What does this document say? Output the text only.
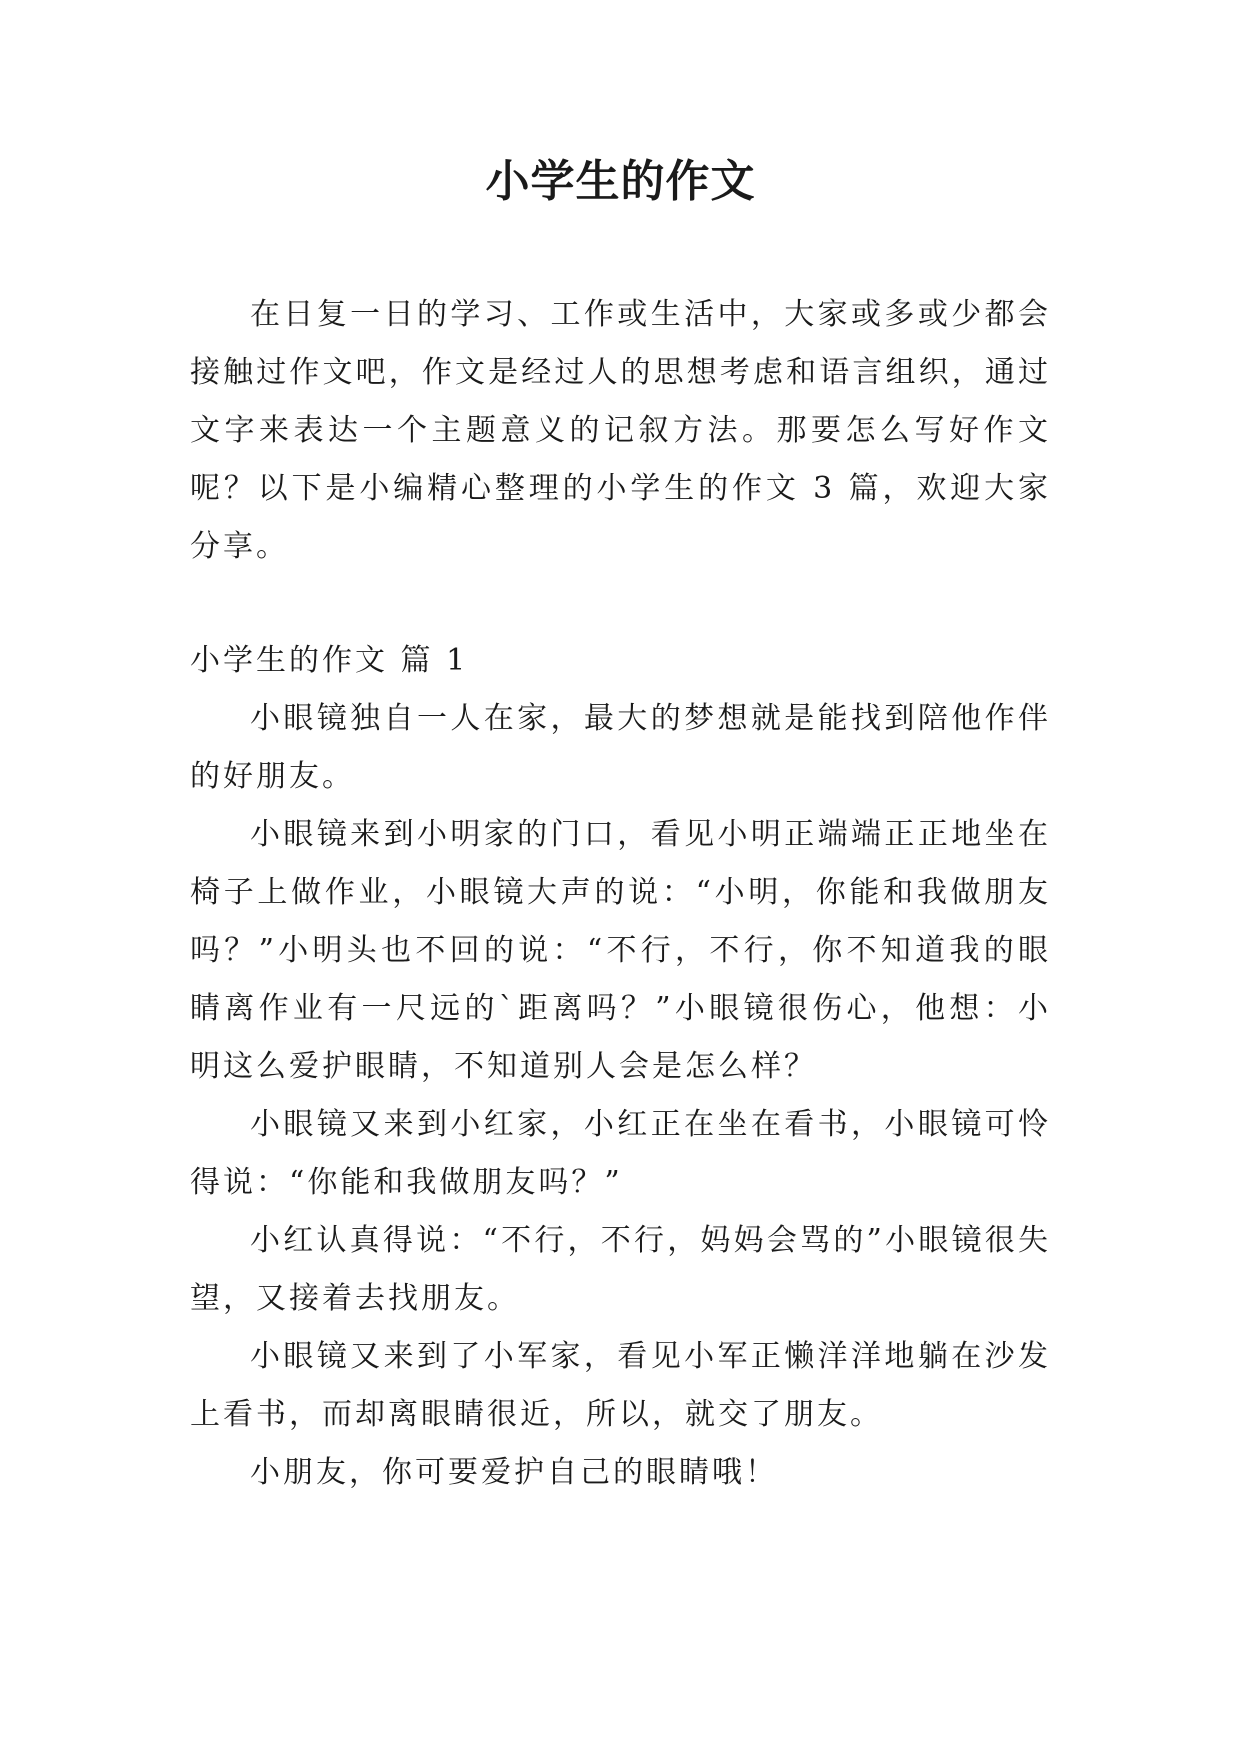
小学生的作文

在日复一日的学习、工作或生活中，大家或多或少都会接触过作文吧，作文是经过人的思想考虑和语言组织，通过文字来表达一个主题意义的记叙方法。那要怎么写好作文呢？以下是小编精心整理的小学生的作文 3 篇，欢迎大家分享。

小学生的作文 篇 1

小眼镜独自一人在家，最大的梦想就是能找到陪他作伴的好朋友。

小眼镜来到小明家的门口，看见小明正端端正正地坐在椅子上做作业，小眼镜大声的说：“小明，你能和我做朋友吗？”小明头也不回的说：“不行，不行，你不知道我的眼睛离作业有一尺远的`距离吗？”小眼镜很伤心，他想：小明这么爱护眼睛，不知道别人会是怎么样？

小眼镜又来到小红家，小红正在坐在看书，小眼镜可怜得说：“你能和我做朋友吗？”

小红认真得说：“不行，不行，妈妈会骂的”小眼镜很失望，又接着去找朋友。

小眼镜又来到了小军家，看见小军正懒洋洋地躺在沙发上看书，而却离眼睛很近，所以，就交了朋友。

小朋友，你可要爱护自己的眼睛哦！
